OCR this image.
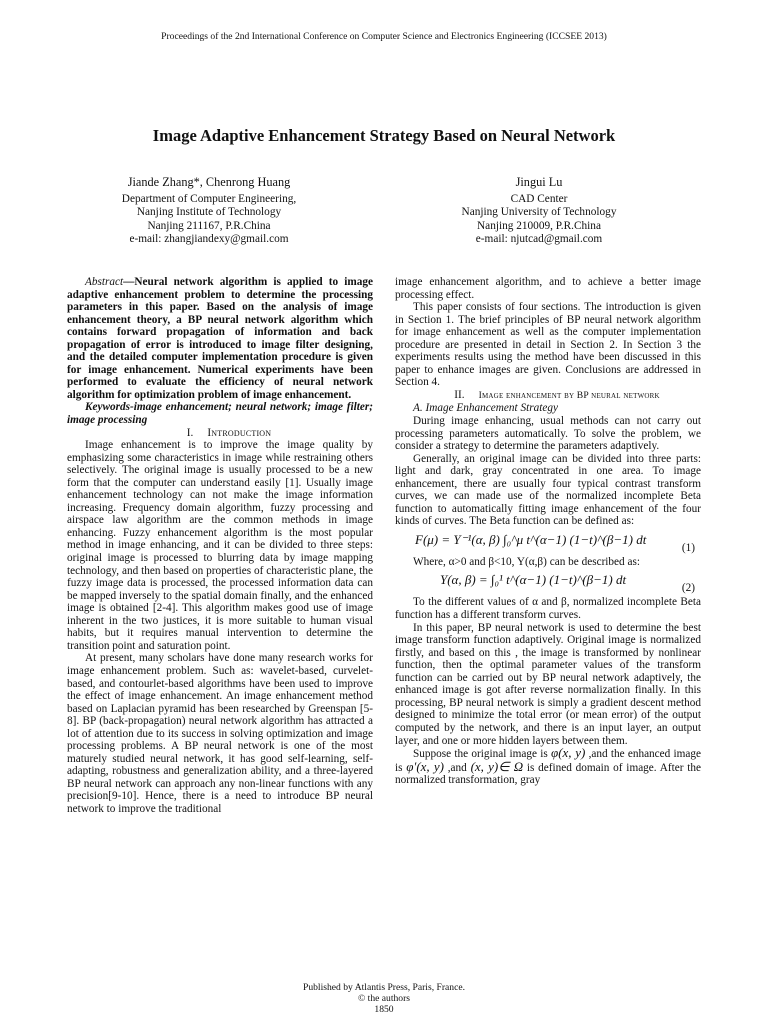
Proceedings of the 2nd International Conference on Computer Science and Electronics Engineering (ICCSEE 2013)
Image Adaptive Enhancement Strategy Based on Neural Network
Jiande Zhang*, Chenrong Huang
Department of Computer Engineering,
Nanjing Institute of Technology
Nanjing 211167, P.R.China
e-mail: zhangjiandexy@gmail.com
Jingui Lu
CAD Center
Nanjing University of Technology
Nanjing 210009, P.R.China
e-mail: njutcad@gmail.com

Abstract—Neural network algorithm is applied to image adaptive enhancement problem to determine the processing parameters in this paper. Based on the analysis of image enhancement theory, a BP neural network algorithm which contains forward propagation of information and back propagation of error is introduced to image filter designing, and the detailed computer implementation procedure is given for image enhancement. Numerical experiments have been performed to evaluate the efficiency of neural network algorithm for optimization problem of image enhancement.

Keywords-image enhancement; neural network; image filter; image processing

I. Introduction

Image enhancement is to improve the image quality by emphasizing some characteristics in image while restraining others selectively. The original image is usually processed to be a new form that the computer can understand easily [1]. Usually image enhancement technology can not make the image information increasing. Frequency domain algorithm, fuzzy processing and airspace law algorithm are the common methods in image enhancing. Fuzzy enhancement algorithm is the most popular method in image enhancing, and it can be divided to three steps: original image is processed to blurring data by image mapping technology, and then based on properties of characteristic plane, the fuzzy image data is processed, the processed information data can be mapped inversely to the spatial domain finally, and the enhanced image is obtained [2-4]. This algorithm makes good use of image inherent in the two justices, it is more suitable to human visual habits, but it requires manual intervention to determine the transition point and saturation point.

At present, many scholars have done many research works for image enhancement problem. Such as: wavelet-based, curvelet-based, and contourlet-based algorithms have been used to improve the effect of image enhancement. An image enhancement method based on Laplacian pyramid has been researched by Greenspan [5-8]. BP (back-propagation) neural network algorithm has attracted a lot of attention due to its success in solving optimization and image processing problems. A BP neural network is one of the most maturely studied neural network, it has good self-learning, self-adapting, robustness and generalization ability, and a three-layered BP neural network can approach any non-linear functions with any precision[9-10]. Hence, there is a need to introduce BP neural network to improve the traditional

image enhancement algorithm, and to achieve a better image processing effect.

This paper consists of four sections. The introduction is given in Section 1. The brief principles of BP neural network algorithm for image enhancement as well as the computer implementation procedure are presented in detail in Section 2. In Section 3 the experiments results using the method have been discussed in this paper to enhance images are given. Conclusions are addressed in Section 4.

II. Image enhancement by BP neural network

A. Image Enhancement Strategy

During image enhancing, usual methods can not carry out processing parameters automatically. To solve the problem, we consider a strategy to determine the parameters adaptively.

Generally, an original image can be divided into three parts: light and dark, gray concentrated in one area. To image enhancement, there are usually four typical contrast transform curves, we can made use of the normalized incomplete Beta function to automatically fitting image enhancement of the four kinds of curves. The Beta function can be defined as:

F(μ) = Υ⁻¹(α, β) ∫₀^μ t^(α−1) (1−t)^(β−1) dt
(1)

Where, α>0 and β<10, Υ(α,β) can be described as:

Υ(α, β) = ∫₀¹ t^(α−1) (1−t)^(β−1) dt
(2)

To the different values of α and β, normalized incomplete Beta function has a different transform curves.

In this paper, BP neural network is used to determine the best image transform function adaptively. Original image is normalized firstly, and based on this , the image is transformed by nonlinear function, then the optimal parameter values of the transform function can be carried out by BP neural network adaptively, the enhanced image is got after reverse normalization finally. In this processing, BP neural network is simply a gradient descent method designed to minimize the total error (or mean error) of the output computed by the network, and there is an input layer, an output layer, and one or more hidden layers between them.

Suppose the original image is φ(x, y) ,and the enhanced image is φ′(x, y) ,and (x, y)∈ Ω is defined domain of image. After the normalized transformation, gray

Published by Atlantis Press, Paris, France.
© the authors
1850
